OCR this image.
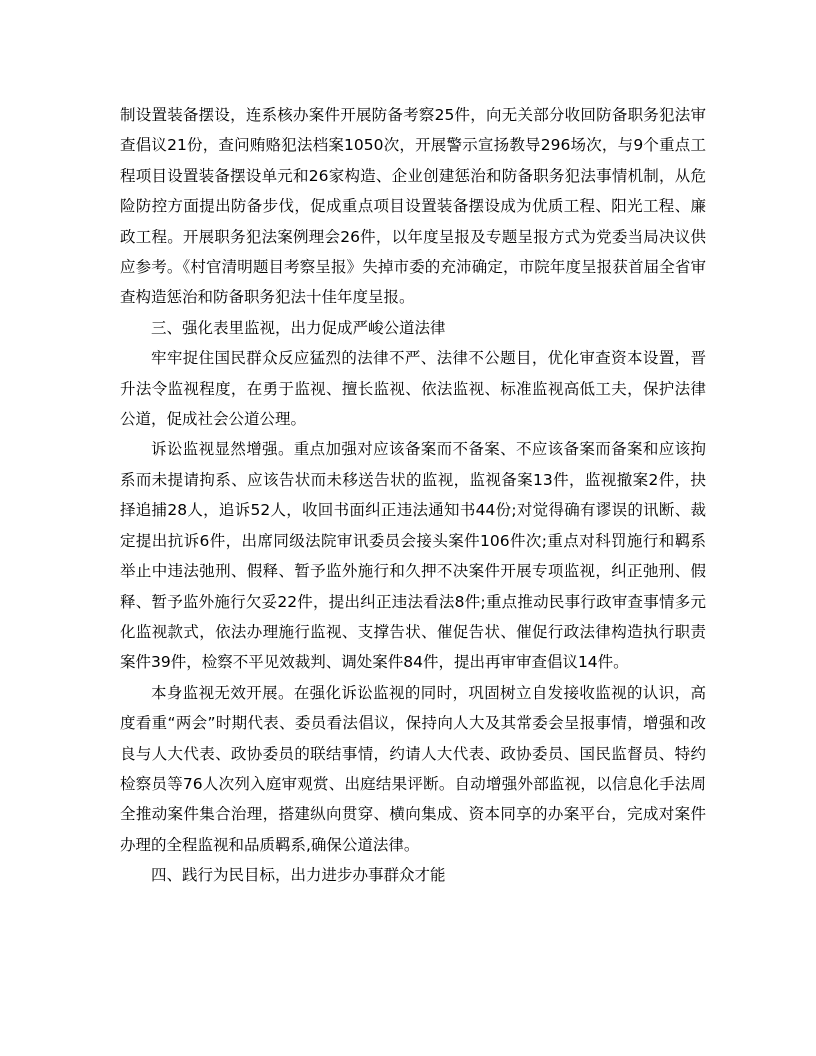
制设置装备摆设，连系核办案件开展防备考察25件，向无关部分收回防备职务犯法审查倡议21份，查问贿赂犯法档案1050次，开展警示宣扬教导296场次，与9个重点工程项目设置装备摆设单元和26家构造、企业创建惩治和防备职务犯法事情机制，从危险防控方面提出防备步伐，促成重点项目设置装备摆设成为优质工程、阳光工程、廉政工程。开展职务犯法案例理会26件，以年度呈报及专题呈报方式为党委当局决议供应参考。《村官清明题目考察呈报》失掉市委的充沛确定，市院年度呈报获首届全省审查构造惩治和防备职务犯法十佳年度呈报。

三、强化表里监视，出力促成严峻公道法律

牢牢捉住国民群众反应猛烈的法律不严、法律不公题目，优化审查资本设置，晋升法令监视程度，在勇于监视、擅长监视、依法监视、标准监视高低工夫，保护法律公道，促成社会公道公理。

诉讼监视显然增强。重点加强对应该备案而不备案、不应该备案而备案和应该拘系而未提请拘系、应该告状而未移送告状的监视，监视备案13件，监视撤案2件，抉择追捕28人，追诉52人，收回书面纠正违法通知书44份;对觉得确有谬误的讯断、裁定提出抗诉6件，出席同级法院审讯委员会接头案件106件次;重点对科罚施行和羁系举止中违法弛刑、假释、暂予监外施行和久押不决案件开展专项监视，纠正弛刑、假释、暂予监外施行欠妥22件，提出纠正违法看法8件;重点推动民事行政审查事情多元化监视款式，依法办理施行监视、支撑告状、催促告状、催促行政法律构造执行职责案件39件，检察不平见效裁判、调处案件84件，提出再审审查倡议14件。

本身监视无效开展。在强化诉讼监视的同时，巩固树立自发接收监视的认识，高度看重“两会”时期代表、委员看法倡议，保持向人大及其常委会呈报事情，增强和改良与人大代表、政协委员的联结事情，约请人大代表、政协委员、国民监督员、特约检察员等76人次列入庭审观赏、出庭结果评断。自动增强外部监视，以信息化手法周全推动案件集合治理，搭建纵向贯穿、横向集成、资本同享的办案平台，完成对案件办理的全程监视和品质羁系,确保公道法律。

四、践行为民目标，出力进步办事群众才能
